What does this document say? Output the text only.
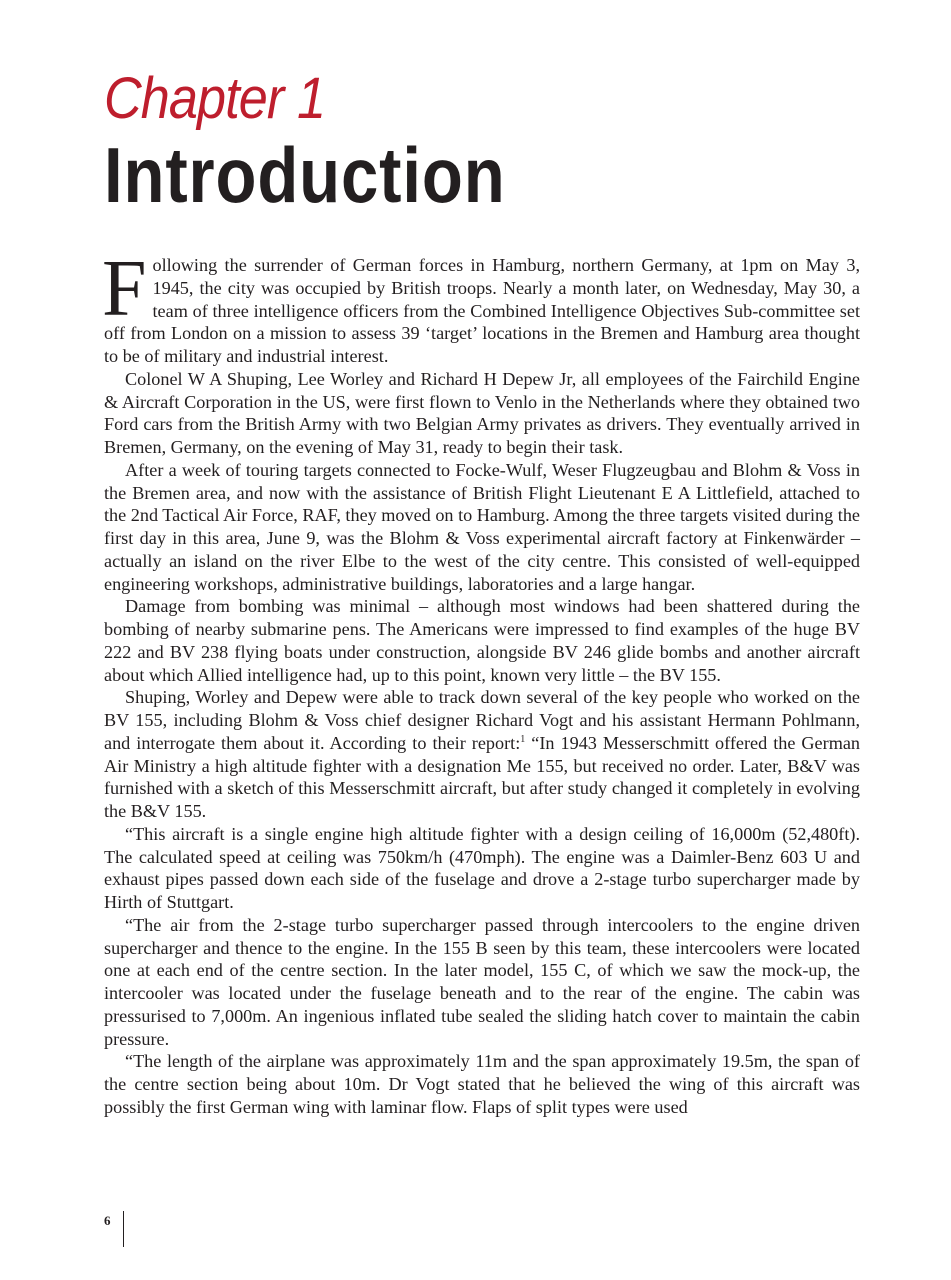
Chapter 1
Introduction

Following the surrender of German forces in Hamburg, northern Germany, at 1pm on May 3, 1945, the city was occupied by British troops. Nearly a month later, on Wednesday, May 30, a team of three intelligence officers from the Combined Intelligence Objectives Sub-committee set off from London on a mission to assess 39 ‘target’ locations in the Bremen and Hamburg area thought to be of military and industrial interest.

Colonel W A Shuping, Lee Worley and Richard H Depew Jr, all employees of the Fairchild Engine & Aircraft Corporation in the US, were first flown to Venlo in the Netherlands where they obtained two Ford cars from the British Army with two Belgian Army privates as drivers. They eventually arrived in Bremen, Germany, on the evening of May 31, ready to begin their task.

After a week of touring targets connected to Focke-Wulf, Weser Flugzeugbau and Blohm & Voss in the Bremen area, and now with the assistance of British Flight Lieutenant E A Littlefield, attached to the 2nd Tactical Air Force, RAF, they moved on to Hamburg. Among the three targets visited during the first day in this area, June 9, was the Blohm & Voss experimental aircraft factory at Finkenwärder – actually an island on the river Elbe to the west of the city centre. This consisted of well-equipped engineering workshops, administrative buildings, laboratories and a large hangar.

Damage from bombing was minimal – although most windows had been shattered during the bombing of nearby submarine pens. The Americans were impressed to find examples of the huge BV 222 and BV 238 flying boats under construction, alongside BV 246 glide bombs and another aircraft about which Allied intelligence had, up to this point, known very little – the BV 155.

Shuping, Worley and Depew were able to track down several of the key people who worked on the BV 155, including Blohm & Voss chief designer Richard Vogt and his assistant Hermann Pohlmann, and interrogate them about it. According to their report:$^1$ “In 1943 Messerschmitt offered the German Air Ministry a high altitude fighter with a designation Me 155, but received no order. Later, B&V was furnished with a sketch of this Messerschmitt aircraft, but after study changed it completely in evolving the B&V 155.

“This aircraft is a single engine high altitude fighter with a design ceiling of 16,000m (52,480ft). The calculated speed at ceiling was 750km/h (470mph). The engine was a Daimler-Benz 603 U and exhaust pipes passed down each side of the fuselage and drove a 2-stage turbo supercharger made by Hirth of Stuttgart.

“The air from the 2-stage turbo supercharger passed through intercoolers to the engine driven supercharger and thence to the engine. In the 155 B seen by this team, these intercoolers were located one at each end of the centre section. In the later model, 155 C, of which we saw the mock-up, the intercooler was located under the fuselage beneath and to the rear of the engine. The cabin was pressurised to 7,000m. An ingenious inflated tube sealed the sliding hatch cover to maintain the cabin pressure.

“The length of the airplane was approximately 11m and the span approximately 19.5m, the span of the centre section being about 10m. Dr Vogt stated that he believed the wing of this aircraft was possibly the first German wing with laminar flow. Flaps of split types were used

6
